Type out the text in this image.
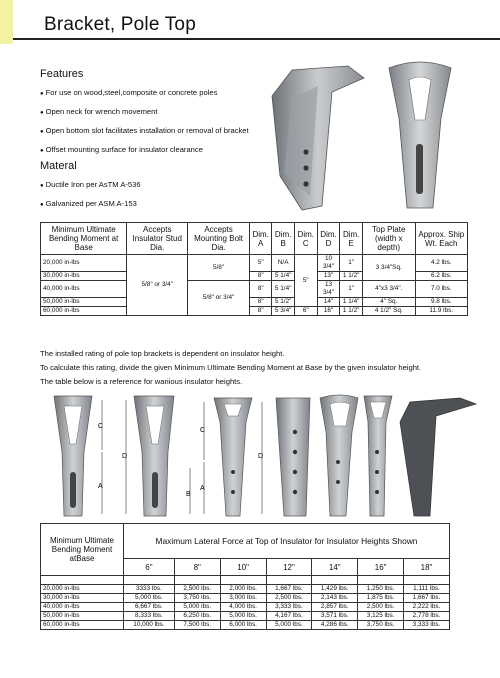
Bracket, Pole Top
Features
● For use on wood,steel,composite or concrete poles
● Open neck for wrench movement
● Open bottom slot facilitates installation or removal of bracket
● Offset mounting surface for insulator clearance
Materal
● Ductile Iron per AsTM A-536
● Galvanized per ASM A-153
Minimum Ultimate Bending Moment at Base	Accepts Insulator Stud Dia.	Accepts Mounting Bolt Dia.	Dim. A	Dim. B	Dim. C	Dim. D	Dim. E	Top Plate (width x depth)	Approx. Ship Wt. Each
20,000 in-lbs	5/8" or 3/4"	5/8"	5"	N/A	5"	10 3/4"	1"	3 3/4"Sq.	4.2 lbs.
30,000 in-lbs			8"	5 1/4"		13"	1 1/2"		6.2 lbs.
40,000 in-lbs		5/8" or 3/4"	8"	5 1/4"		13 3/4"	1"	4"x3 3/4".	7.0 lbs.
50,000 in-lbs			8"	5 1/2"		14"	1 1/4"	4" Sq.	9.8 lbs.
60,000 in-lbs			8"	5 3/4"	6"	16"	1 1/2"	4 1/2" Sq.	11.9 lbs.

The installed rating of pole top brackets is dependent on insulator height.

To calculate this rating, divide the given Minimum Ultimate Bending Moment at Base by the given insulator height.

The table below is a reference for wariious insulator heights.

C
A
D
C
A
B
D
Minimum Ultimate Bending Moment atBase	Maximum Lateral Force at Top of Insulator for Insulator Heights Shown						
	6"	8"	10"	12"	14"	16"	18"

20,000 in-lbs	3333 lbs.	2,500 lbs.	2,000 lbs.	1,667 lbs.	1,429 lbs.	1,250 lbs.	1,111 lbs.
30,000 in-lbs	5,000 lbs.	3,750 lbs.	3,000 lbs.	2,500 lbs.	2,143 lbs.	1,875 lbs.	1,667 lbs.
40,000 in-lbs	6,667 lbs.	5,000 lbs.	4,000 lbs.	3,333 lbs.	2,857 lbs.	2,500 lbs.	2,222 lbs.
50,000 in-lbs	8,333 lbs.	6,250 lbs.	5,000 lbs.	4,167 lbs.	3,571 lbs.	3,125 lbs.	2,778 lbs.
60,000 in-lbs	10,000 lbs.	7,500 lbs.	6,000 lbs.	5,000 lbs.	4,286 lbs.	3,750 lbs.	3,333 lbs.
